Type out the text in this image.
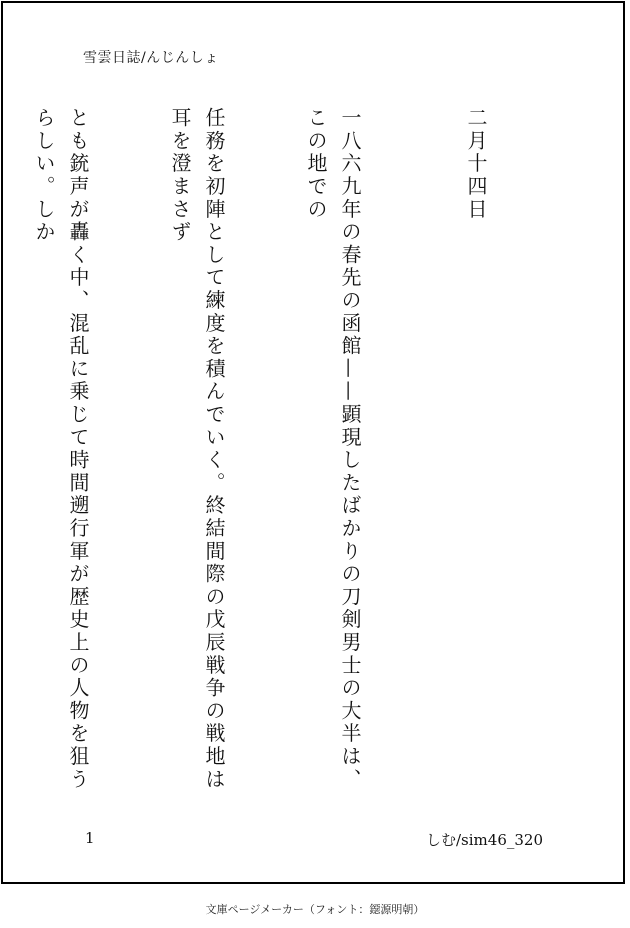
雪雲日誌/んじんしょ

二月十四日

一八六九年の春先の函館——顕現したばかりの刀剣男士の大半は、この地での

任務を初陣として練度を積んでいく。終結間際の戊辰戦争の戦地は耳を澄まさず

とも銃声が轟く中、混乱に乗じて時間遡行軍が歴史上の人物を狙うらしい。しか

1	しむ/sim46_320
文庫ページメーカー（フォント：鐚源明朝）
